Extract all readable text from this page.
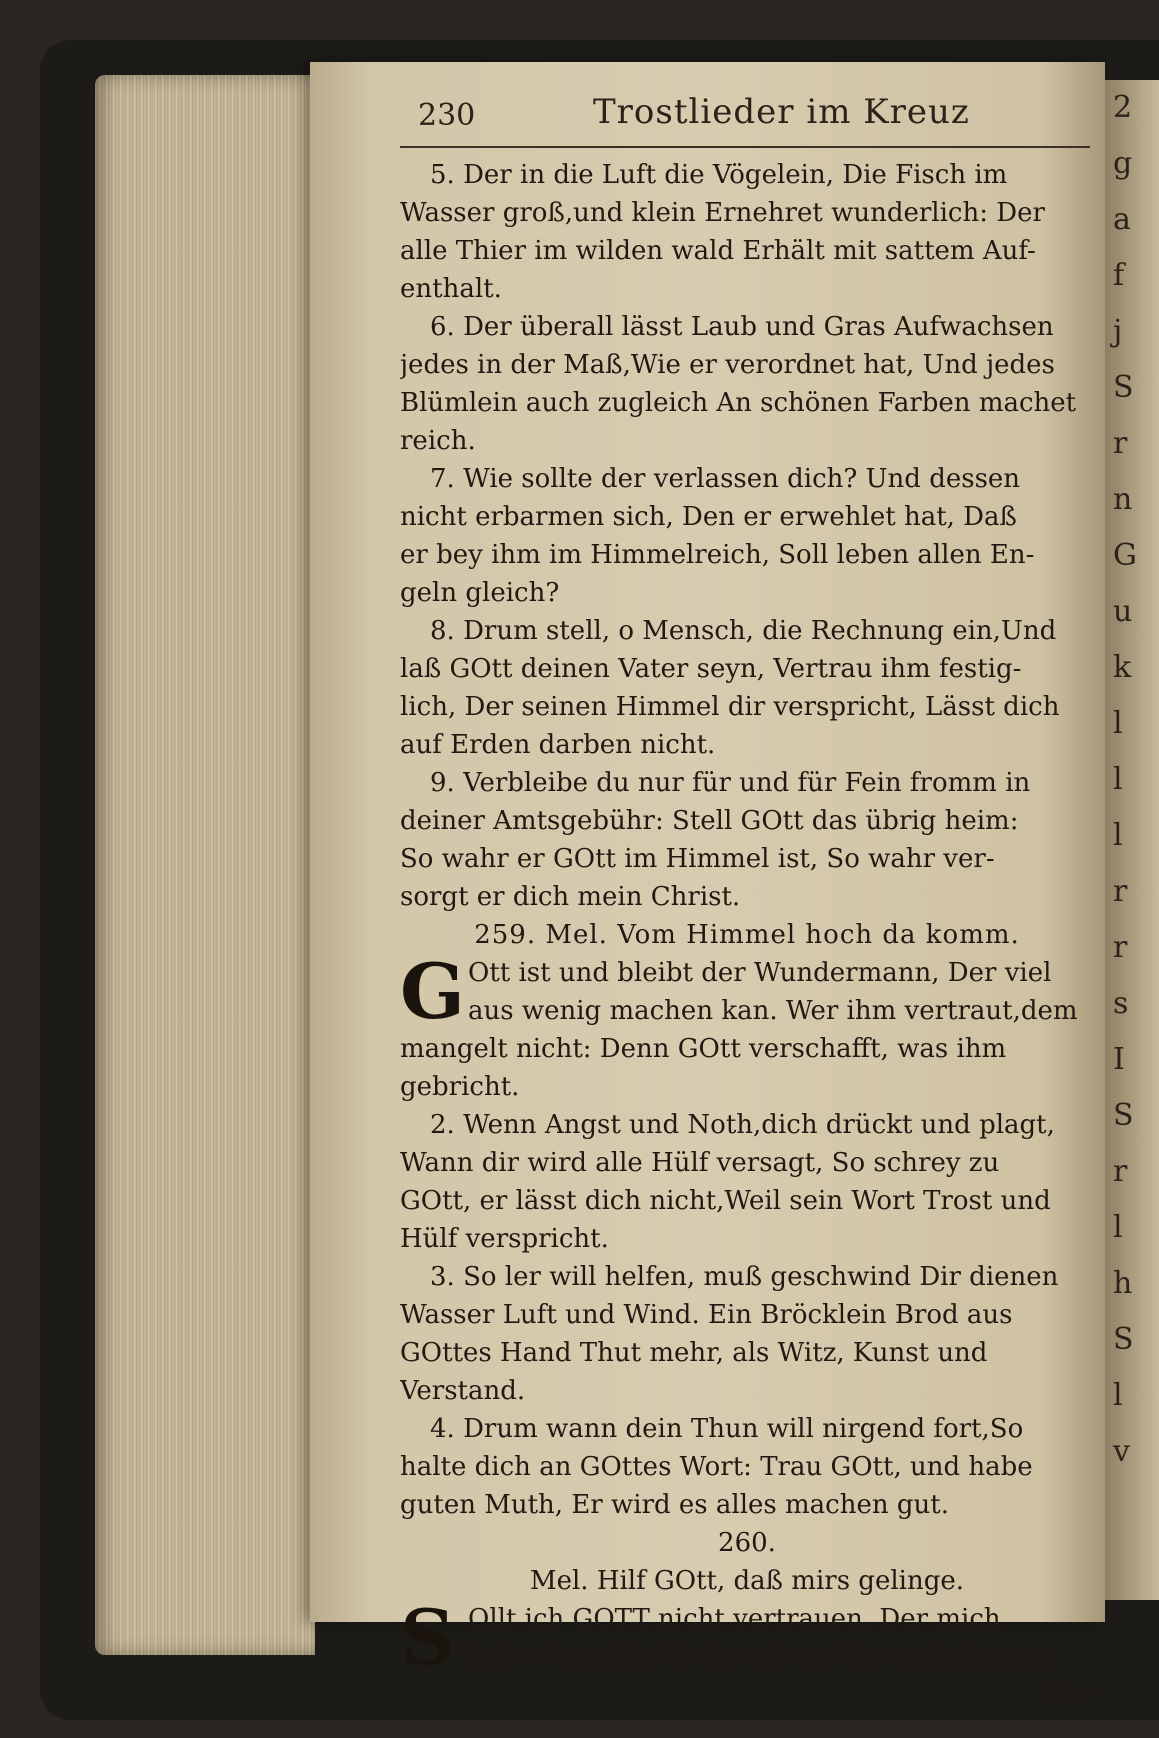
2
g
a
f
j
S
r
n
G
u
k
l
l
l
r
r
s
I
S
r
l
h
S
l
v
230	Trostlieder im Kreuz
5. Der in die Luft die Vögelein, Die Fisch im
Wasser groß,und klein Ernehret wunderlich: Der
alle Thier im wilden wald Erhält mit sattem Auf-
enthalt.
6. Der überall lässt Laub und Gras Aufwachsen
jedes in der Maß,Wie er verordnet hat, Und jedes
Blümlein auch zugleich An schönen Farben machet
reich.
7. Wie sollte der verlassen dich? Und dessen
nicht erbarmen sich, Den er erwehlet hat, Daß
er bey ihm im Himmelreich, Soll leben allen En-
geln gleich?
8. Drum stell, o Mensch, die Rechnung ein,Und
laß GOtt deinen Vater seyn, Vertrau ihm festig-
lich, Der seinen Himmel dir verspricht, Lässt dich
auf Erden darben nicht.
9. Verbleibe du nur für und für Fein fromm in
deiner Amtsgebühr: Stell GOtt das übrig heim:
So wahr er GOtt im Himmel ist, So wahr ver-
sorgt er dich mein Christ.
259. Mel. Vom Himmel hoch da komm.
G Ott ist und bleibt der Wundermann, Der viel
aus wenig machen kan. Wer ihm vertraut,dem
mangelt nicht: Denn GOtt verschafft, was ihm
gebricht.
2. Wenn Angst und Noth,dich drückt und plagt,
Wann dir wird alle Hülf versagt, So schrey zu
GOtt, er lässt dich nicht,Weil sein Wort Trost und
Hülf verspricht.
3. So ler will helfen, muß geschwind Dir dienen
Wasser Luft und Wind. Ein Bröcklein Brod aus
GOttes Hand Thut mehr, als Witz, Kunst und
Verstand.
4. Drum wann dein Thun will nirgend fort,So
halte dich an GOttes Wort: Trau GOtt, und habe
guten Muth, Er wird es alles machen gut.
260.
Mel. Hilf GOtt, daß mirs gelinge.
S Ollt ich GOTT nicht vertrauen, Der mich
liebt väterlich? Sollt ich auf ihn nicht bauen,
Der
